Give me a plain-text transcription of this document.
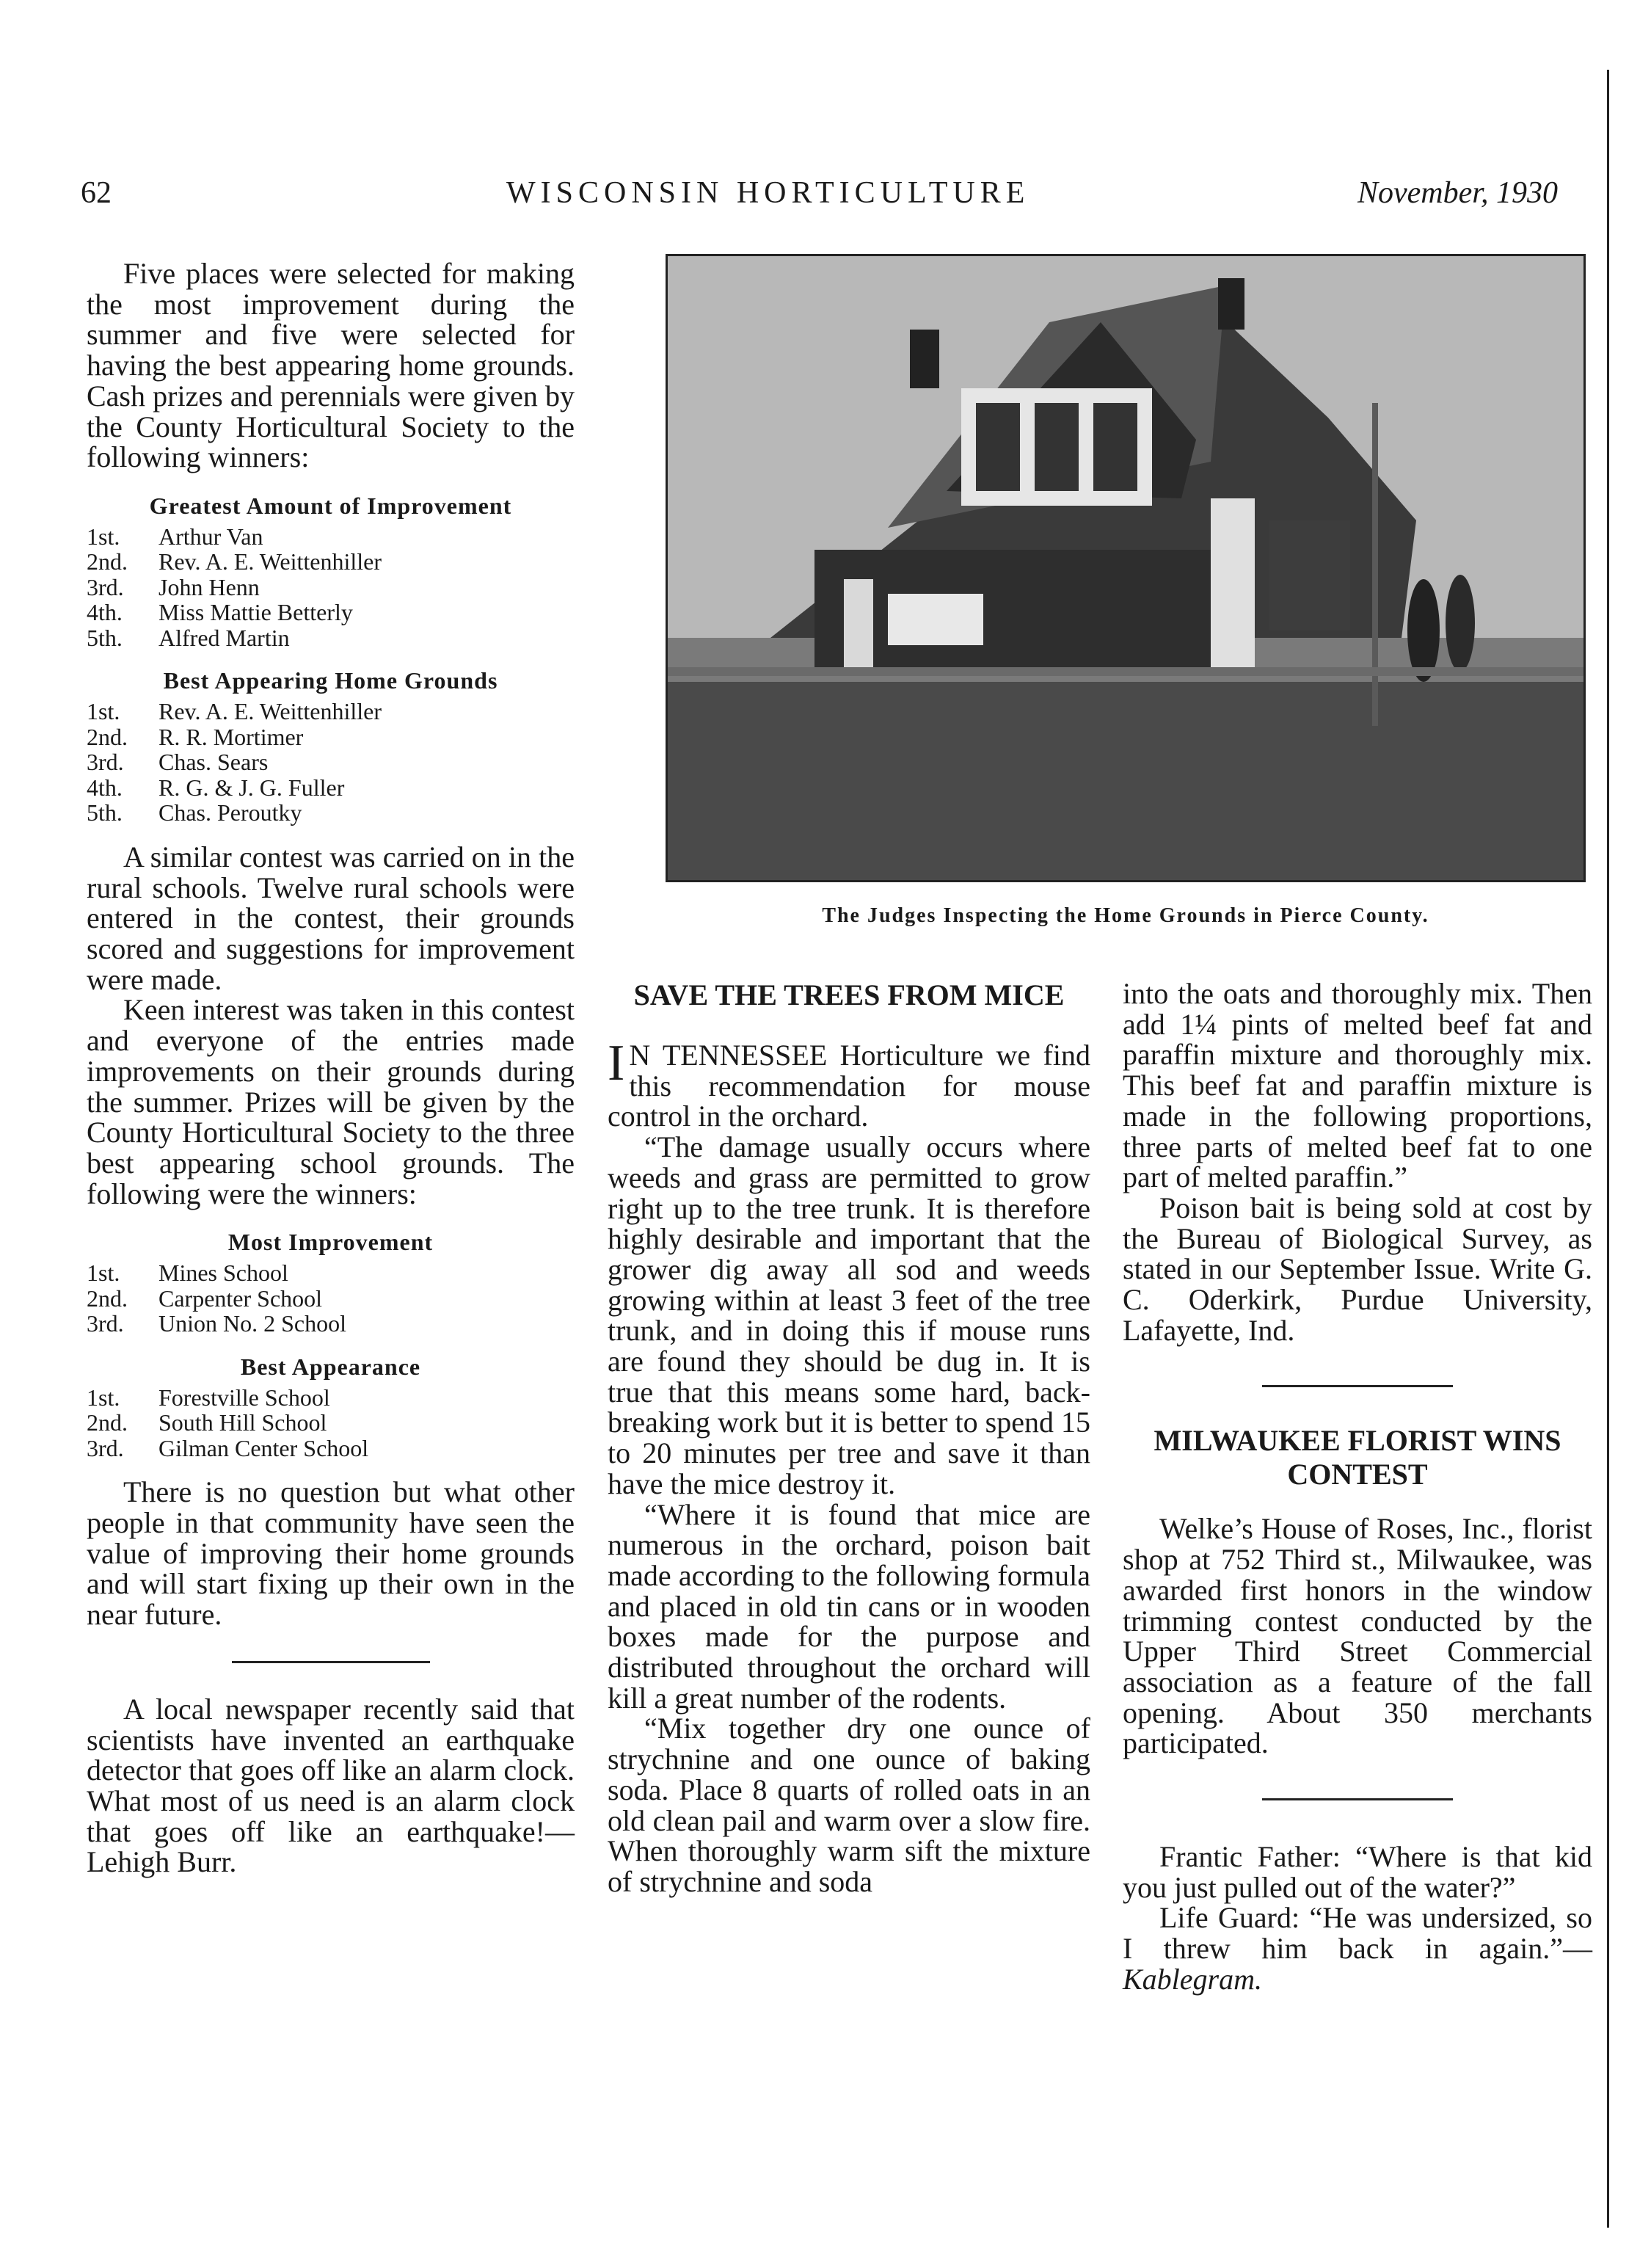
62	WISCONSIN HORTICULTURE	November, 1930

Five places were selected for making the most improvement during the summer and five were selected for having the best appearing home grounds. Cash prizes and perennials were given by the County Horticultural Society to the following winners:

Greatest Amount of Improvement
1st.	Arthur Van
2nd.	Rev. A. E. Weittenhiller
3rd.	John Henn
4th.	Miss Mattie Betterly
5th.	Alfred Martin
Best Appearing Home Grounds
1st.	Rev. A. E. Weittenhiller
2nd.	R. R. Mortimer
3rd.	Chas. Sears
4th.	R. G. & J. G. Fuller
5th.	Chas. Peroutky

A similar contest was carried on in the rural schools. Twelve rural schools were entered in the contest, their grounds scored and suggestions for improvement were made.

Keen interest was taken in this contest and everyone of the entries made improvements on their grounds during the summer. Prizes will be given by the County Horticultural Society to the three best appearing school grounds. The following were the winners:

Most Improvement
1st.	Mines School
2nd.	Carpenter School
3rd.	Union No. 2 School
Best Appearance
1st.	Forestville School
2nd.	South Hill School
3rd.	Gilman Center School

There is no question but what other people in that community have seen the value of improving their home grounds and will start fixing up their own in the near future.

A local newspaper recently said that scientists have invented an earthquake detector that goes off like an alarm clock. What most of us need is an alarm clock that goes off like an earthquake!—Lehigh Burr.

The Judges Inspecting the Home Grounds in Pierce County.
SAVE THE TREES FROM MICE
I N TENNESSEE Horticulture we find this recommendation for mouse control in the orchard.

“The damage usually occurs where weeds and grass are permitted to grow right up to the tree trunk. It is therefore highly desirable and important that the grower dig away all sod and weeds growing within at least 3 feet of the tree trunk, and in doing this if mouse runs are found they should be dug in. It is true that this means some hard, back-breaking work but it is better to spend 15 to 20 minutes per tree and save it than have the mice destroy it.

“Where it is found that mice are numerous in the orchard, poison bait made according to the following formula and placed in old tin cans or in wooden boxes made for the purpose and distributed throughout the orchard will kill a great number of the rodents.

“Mix together dry one ounce of strychnine and one ounce of baking soda. Place 8 quarts of rolled oats in an old clean pail and warm over a slow fire. When thoroughly warm sift the mixture of strychnine and soda

into the oats and thoroughly mix. Then add 1¼ pints of melted beef fat and paraffin mixture and thoroughly mix. This beef fat and paraffin mixture is made in the following proportions, three parts of melted beef fat to one part of melted paraffin.”

Poison bait is being sold at cost by the Bureau of Biological Survey, as stated in our September Issue. Write G. C. Oderkirk, Purdue University, Lafayette, Ind.

MILWAUKEE FLORIST WINS CONTEST

Welke’s House of Roses, Inc., florist shop at 752 Third st., Milwaukee, was awarded first honors in the window trimming contest conducted by the Upper Third Street Commercial association as a feature of the fall opening. About 350 merchants participated.

Frantic Father: “Where is that kid you just pulled out of the water?”

Life Guard: “He was undersized, so I threw him back in again.”—Kablegram.
